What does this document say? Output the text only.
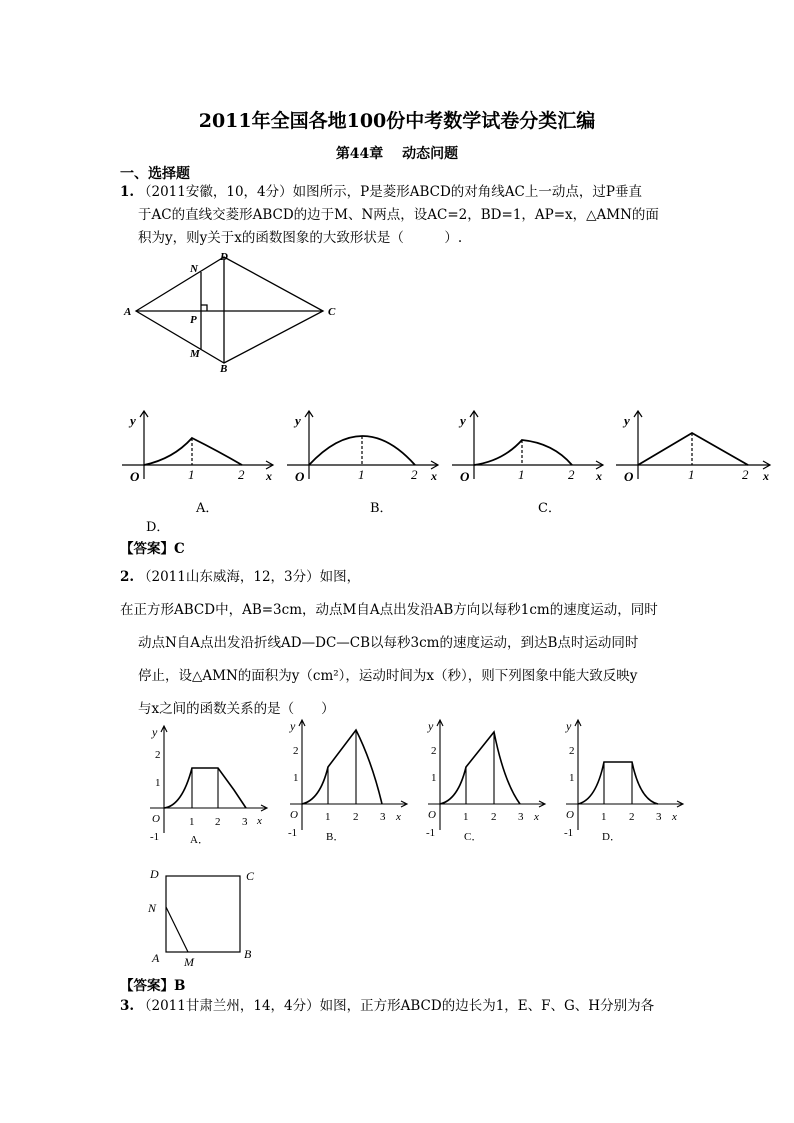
2011年全国各地100份中考数学试卷分类汇编
第44章　 动态问题
一、选择题
1. （2011安徽，10，4分）如图所示，P是菱形ABCD的对角线AC上一动点，过P垂直
于AC的直线交菱形ABCD的边于M、N两点，设AC=2，BD=1，AP=x，△AMN的面
积为y，则y关于x的函数图象的大致形状是（　　　）.
A	C
D
B
N
P
M
y
x
O	1	2
y
x
O	1	2
y
x
O	1	2
y
x
O	1	2
A．	B．	C．
D．
【答案】C
2. （2011山东威海，12，3分）如图，
在正方形ABCD中，AB=3cm，动点M自A点出发沿AB方向以每秒1cm的速度运动，同时
动点N自A点出发沿折线AD—DC—CB以每秒3cm的速度运动，到达B点时运动同时
停止，设△AMN的面积为y（cm²），运动时间为x（秒），则下列图象中能大致反映y
与x之间的函数关系的是（　　）
y
x
O
2
1
-1
1 2 3
A．
y
x
O
2
1
-1
1 2 3
B．
y
x
O
2
1
-1
1 2 3
C．
y
x
O
2
1
-1
1 2 3
D．
D	C
N
A M
B
【答案】B
3. （2011甘肃兰州，14，4分）如图，正方形ABCD的边长为1，E、F、G、H分别为各
